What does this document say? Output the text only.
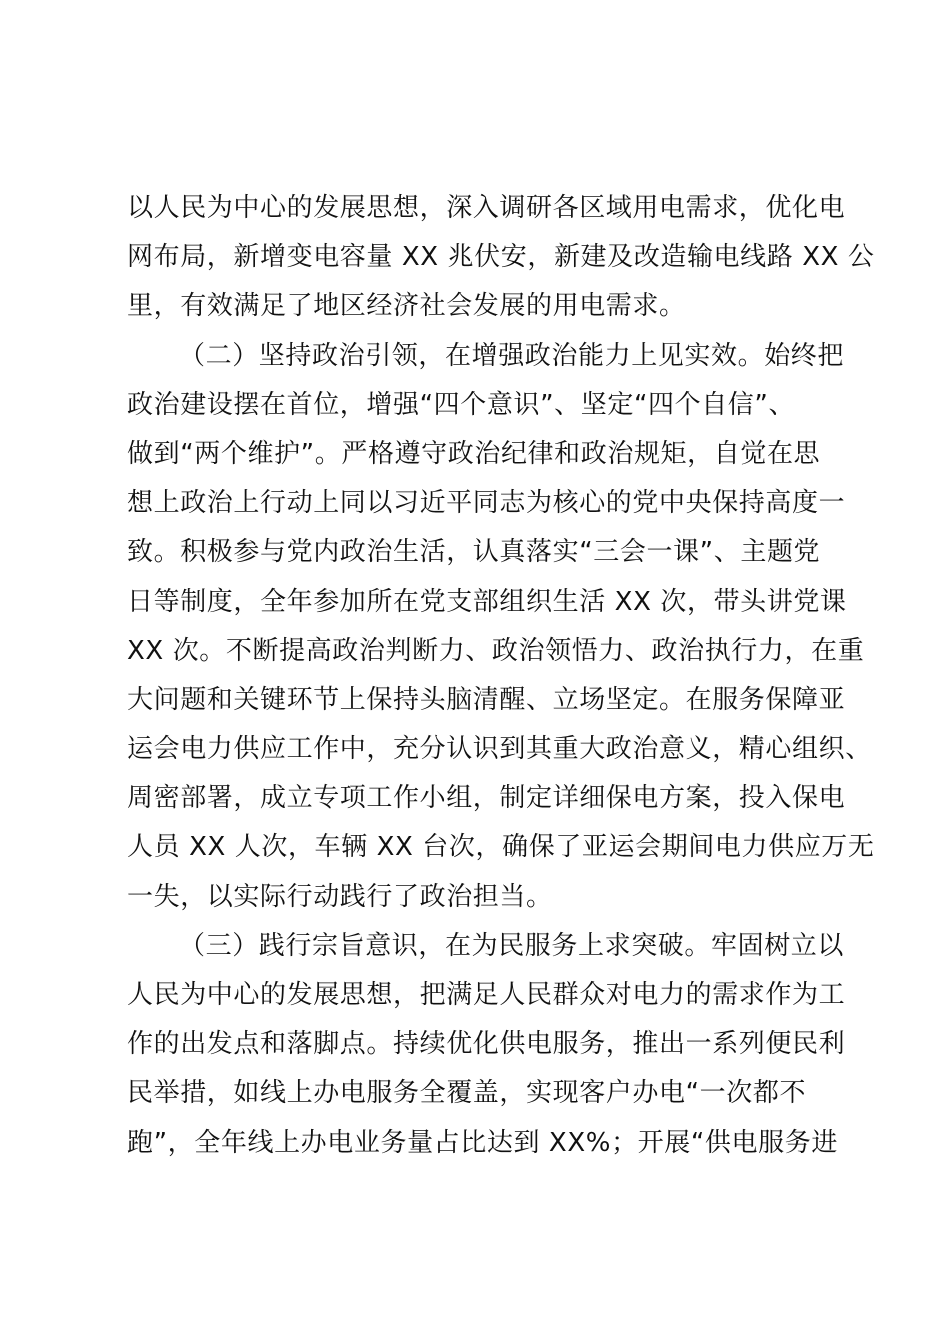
以人民为中心的发展思想，深入调研各区域用电需求，优化电
网布局，新增变电容量 XX 兆伏安，新建及改造输电线路 XX 公
里，有效满足了地区经济社会发展的用电需求。
（二）坚持政治引领，在增强政治能力上见实效。始终把
政治建设摆在首位，增强“四个意识”、坚定“四个自信”、
做到“两个维护”。严格遵守政治纪律和政治规矩，自觉在思
想上政治上行动上同以习近平同志为核心的党中央保持高度一
致。积极参与党内政治生活，认真落实“三会一课”、主题党
日等制度，全年参加所在党支部组织生活 XX 次，带头讲党课
XX 次。不断提高政治判断力、政治领悟力、政治执行力，在重
大问题和关键环节上保持头脑清醒、立场坚定。在服务保障亚
运会电力供应工作中，充分认识到其重大政治意义，精心组织、
周密部署，成立专项工作小组，制定详细保电方案，投入保电
人员 XX 人次，车辆 XX 台次，确保了亚运会期间电力供应万无
一失，以实际行动践行了政治担当。
（三）践行宗旨意识，在为民服务上求突破。牢固树立以
人民为中心的发展思想，把满足人民群众对电力的需求作为工
作的出发点和落脚点。持续优化供电服务，推出一系列便民利
民举措，如线上办电服务全覆盖，实现客户办电“一次都不
跑”，全年线上办电业务量占比达到 XX%；开展“供电服务进
